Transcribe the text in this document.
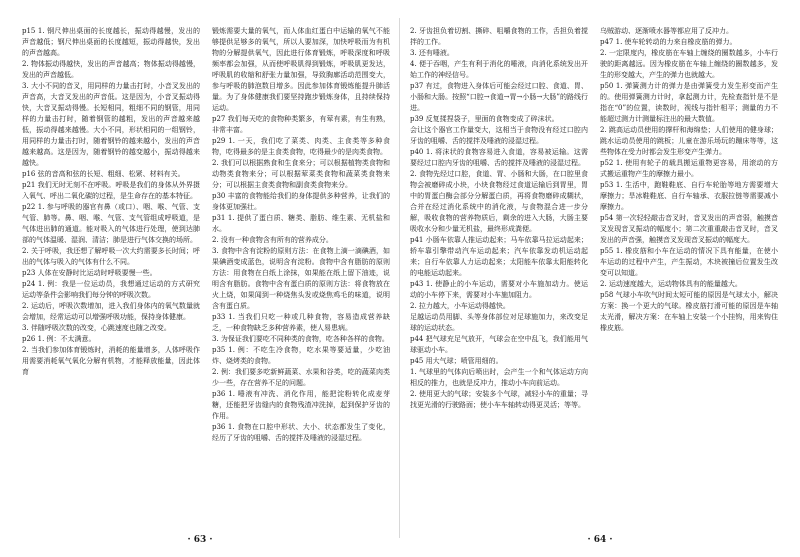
p15 1. 钢尺伸出桌面的长度越长，振动得越慢，发出的声音越低；钢尺伸出桌面的长度越短，振动得越快，发出的声音越高。

2. 物体振动得越快，发出的声音越高；物体振动得越慢，发出的声音越低。

3. 大小不同的音叉，用同样的力量击打时，小音叉发出的声音高，大音叉发出的声音低。这是因为，小音叉振动得快，大音叉振动得慢。长短相同，粗细不同的钢管，用同样的力量击打时，随着钢管的越粗，发出的声音越来越低，振动得越来越慢。大小不同，形状相同的一组钢铃，用同样的力量击打时，随着钢铃的越来越小，发出的声音越来越高。这是因为，随着钢铃的越变越小，振动得越来越快。

p16 弦的音高和弦的长短、粗细、松紧、材料有关。

p21 我们无时无刻不在呼吸。呼吸是我们的身体从外界摄入氧气、呼出二氧化碳的过程，是生命存在的基本特征。

p22 1. 参与呼吸的器官有鼻（或口）、咽、喉、气管、支气管、肺等。鼻、咽、喉、气管、支气管组成呼吸道，是气体进出肺的通道。能对吸入的气体进行处理，使到达肺部的气体温暖、湿润、清洁；肺是进行气体交换的场所。

2. 关于呼吸，我还想了解呼吸一次大约需要多长时间；呼出的气体与吸入的气体有什么不同。

p23 人体在安静时比运动时呼吸要慢一些。

p24 1. 例：我是一位运动员，我想通过运动的方式研究运动等条件会影响我们每分钟的呼吸次数。

2. 运动后，呼吸次数增加，进入我们身体内的氧气数量就会增加，经常运动可以增强呼吸功能，保持身体健康。

3. 伴随呼吸次数的改变，心跳速度也随之改变。

p26 1. 例：不太满意。

2. 当我们参加体育锻炼时，消耗的能量增多，人体呼吸作用需要消耗氧气氧化分解有机物，才能释放能量，因此体育

锻炼需要大量的氧气，而人体血红蛋白中运输的氧气不能够提供足够多的氧气，所以人要加深，加快呼吸而为有机物的分解提供氧气，因此进行体育锻炼，呼吸深度和呼吸频率都会加强，从而使呼吸肌得到锻炼，呼吸肌更发达，呼吸肌的收缩和舒张力量加强，导致胸廓活动范围变大，参与呼吸的肺泡数目增多。因此参加体育锻炼能提升肺活量。为了身体健康我们要坚持跑步锻炼身体，且持续保持运动。

p27 我们每天吃的食物种类繁多，有荤有素，有生有熟，非常丰富。

p29 1. 一天，我们吃了菜类、肉类、主食类等多种食物，吃得最多的是主食类食物，吃得最少的是肉类食物。

2. 我们可以根据熟食和生食来分；可以根据植物类食物和动物类食物来分；可以根据荤菜类食物和蔬菜类食物来分；可以根据主食类食物和副食类食物来分。

p30 丰富的食物能给我们的身体提供多种营养，让我们的身体更加强壮。

p31 1. 提供了蛋白质、糖类、脂肪、维生素、无机盐和水。

2. 没有一种食物含有所有的营养成分。

3. 食物中含有淀粉的原则方法：在食物上滴一滴碘酒，如果碘酒变成蓝色，说明含有淀粉。食物中含有脂肪的原则方法：用食物在白纸上涂抹，如果能在纸上留下油迹，说明含有脂肪。食物中含有蛋白质的原则方法：将食物放在火上烧，如果闻到一种烧焦头发或烧焦鸡毛的味道，说明含有蛋白质。

p33 1. 当我们只吃一种或几种食物，容易造成营养缺乏，一种食物缺乏多种营养素，使人易患病。

3. 为保证我们要吃不同种类的食物，吃各种各样的食物。

p35 1. 例：不吃生冷食物，吃水果等要适量，少吃油炸、烧烤类的食物。

2. 例：我们要多吃新鲜蔬菜、水果和谷类，吃的蔬菜肉类少一些，存在营养不足的问题。

p36 1. 唾液有冲洗、消化作用，能把淀粉转化成麦芽糖，还能把牙齿缝内的食物残渣冲洗掉，起到保护牙齿的作用。

p36 1. 食物在口腔中形状、大小、状态都发生了变化，经历了牙齿的咀嚼、舌的搅拌及唾液的浸湿过程。

· 63 ·

2. 牙齿担负着切割、撕碎、咀嚼食物的工作，舌担负着搅拌的工作。

3. 还有唾液。

4. 便于吞咽，产生有利于消化的唾液，向消化系统发出开始工作的神经信号。

p37 有过，食物进入身体后可能会经过口腔、食道、胃、小肠和大肠。按照“口腔→食道→胃→小肠→大肠”的路线行进。

p39 反复揉捏袋子，里面的食物变成了碎沫状。

会让这个器官工作量变大，这相当于食物没有经过口腔内牙齿的咀嚼、舌的搅拌及唾液的浸湿过程。

p40 1. 将沫状的食物容易进入食道，容易被运输。这需要经过口腔内牙齿的咀嚼、舌的搅拌及唾液的浸湿过程。

2. 食物先经过口腔，食道、胃、小肠和大肠，在口腔里食物会被磨碎成小块，小块食物经过食道运输后到胃里，胃中的胃蛋白酶会部分分解蛋白质，再将食物磨碎成糊状，合并在经过消化系统中的消化液，与食物混合进一步分解，吸收食物的营养物质后，剩余的进入大肠，大肠主要吸收水分和少量无机盐，最终形成粪便。

p41 小肠车依靠人推运动起来；马车依靠马拉运动起来；轿车靠引擎带动汽车运动起来；汽车依靠发动机运动起来；自行车依靠人力运动起来；太阳能车依靠太阳能转化的电能运动起来。

p43 1. 使静止的小车运动，需要对小车施加动力。使运动的小车停下来，需要对小车施加阻力。

2. 拉力越大，小车运动得越快。

足越运动员用脚、头等身体部位对足球施加力，来改变足球的运动状态。

p44 把气球充足气放开，气球会在空中乱飞，我们能用气球驱动小车。

p45 用大气球；喷管用细的。

1. 气球里的气体向后喷出时，会产生一个和气体运动方向相反的推力，也就是反冲力，推动小车向前运动。

2. 使用更大的气球；安装多个气球，减轻小车的重量；寻找更光滑的行驶路面；使小车车轴转动得更灵活；等等。

乌贼游动、逐渐喷水器等都应用了反冲力。

p47 1. 使车轮转动的力来自橡皮筋的弹力。

2. 一定限度内，橡皮筋在车轴上缠绕的圈数越多，小车行驶的距离越远。因为橡皮筋在车轴上缠绕的圈数越多，发生的形变越大，产生的弹力也就越大。

p50 1. 弹簧测力计的弹力是由弹簧受力发生形变而产生的。使用弹簧测力计时，拿起测力计，先检查指针是不是指在“0”的位置，读数时，视线与指针相平；测量的力不能超过测力计测量标注出的最大数值。

2. 跳高运动员使用的撑杆和海绵垫；人们使用的健身球；跳水运动员使用的跳板；儿童在游乐场玩的蹦床等等，这些物体在受力时都会发生形变产生弹力。

p52 1. 使用有轮子的载具搬运重物更容易，用滚动的方式搬运重物产生的摩擦力最小。

p53 1. 生活中，跑鞋鞋底、自行车轮胎等地方需要增大摩擦力；旱冰鞋鞋底、自行车轴承、衣服拉链等需要减小摩擦力。

p54 第一次轻轻敲击音叉时，音叉发出的声音弱，触摸音叉发现音叉振动的幅度小；第二次重重敲击音叉时，音叉发出的声音强，触摸音叉发现音叉振动的幅度大。

p55 1. 橡皮筋和小车在运动的情况下具有能量，在使小车运动的过程中产生，产生振动，木块被撞后位置发生改变可以知道。

2. 运动速度越大，运动物体具有的能量越大。

p58 气球小车吹气时间太短可能的原因是气球太小，解决方案：换一个更大的气球。橡皮筋打滑可能的原因是车轴太光滑，解决方案：在车轴上安装一个小挂钩，用来钩住橡皮筋。

· 64 ·
